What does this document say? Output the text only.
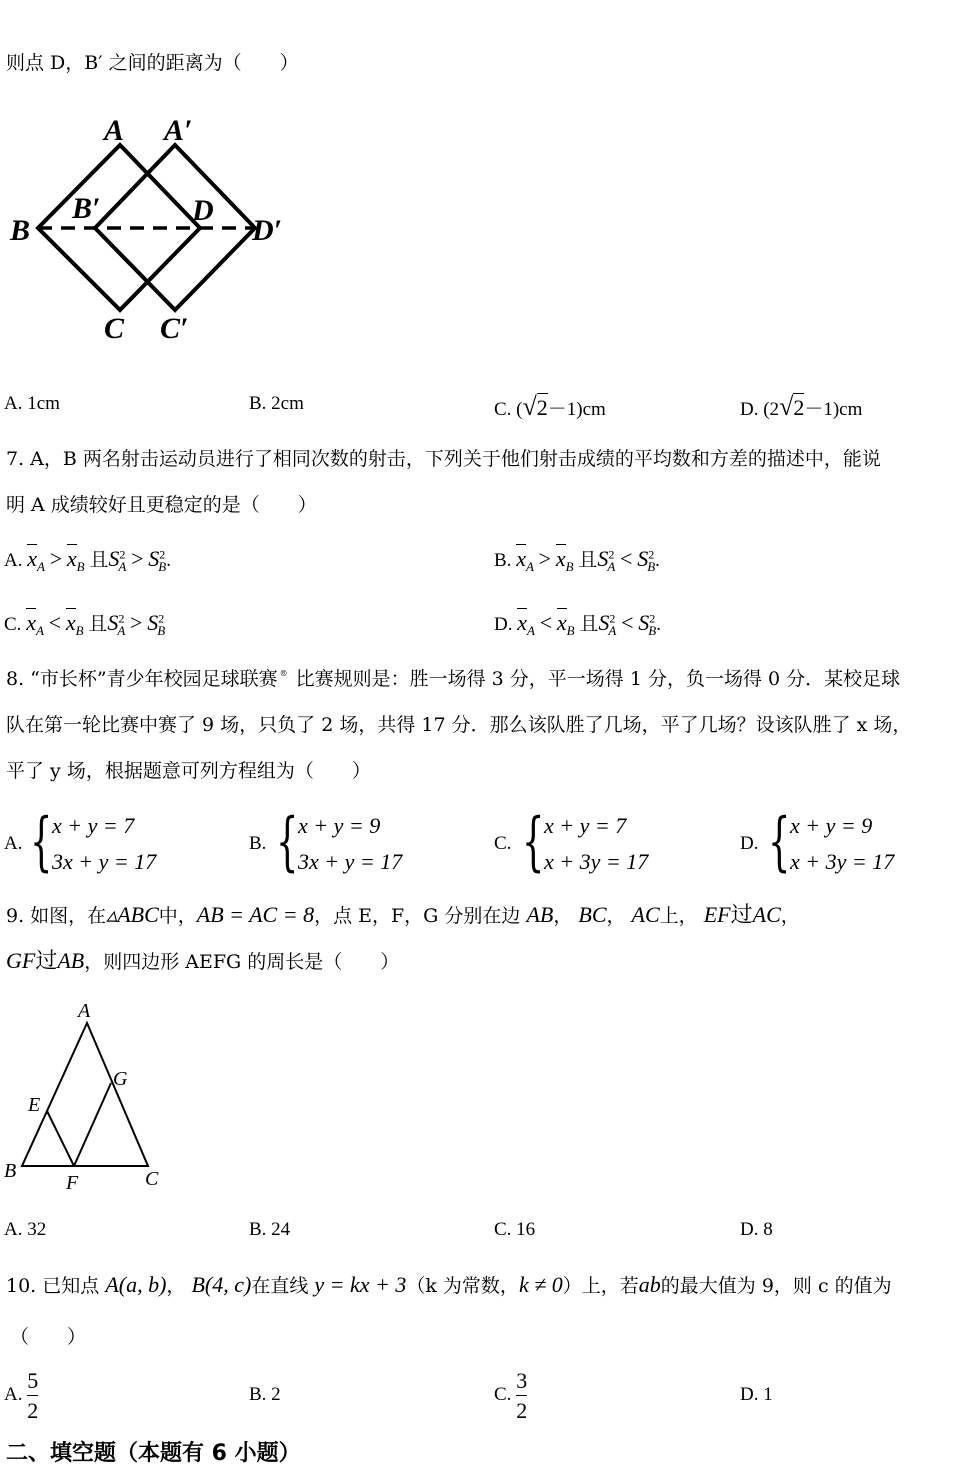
则点 D，B′ 之间的距离为（　　）
A A′
B
B′	D
D′
C C′
A. 1cm	B. 2cm	C. (√2－1)cm	D. (2√2－1)cm
7. A，B 两名射击运动员进行了相同次数的射击，下列关于他们射击成绩的平均数和方差的描述中，能说
明 A 成绩较好且更稳定的是（　　）
A. $x_A > x_B$ 且$S^2_A > S^2_B$.	B. $x_A > x_B$ 且$S^2_A < S^2_B$.
C. $x_A < x_B$ 且$S^2_A > S^2_B$	D. $x_A < x_B$ 且$S^2_A < S^2_B$.
8. “市长杯”青少年校园足球联赛 ® 比赛规则是：胜一场得 3 分，平一场得 1 分，负一场得 0 分．某校足球
队在第一轮比赛中赛了 9 场，只负了 2 场，共得 17 分．那么该队胜了几场，平了几场？设该队胜了 x 场，
平了 y 场，根据题意可列方程组为（　　）
A. { x + y = 7
3x + y = 17
B. { x + y = 9
3x + y = 17
C. { x + y = 7
x + 3y = 17
D. { x + y = 9
x + 3y = 17
9. 如图，在▵ABC中，AB = AC = 8，点 E，F，G 分别在边 AB， BC， AC上， EF过AC，
GF过AB，则四边形 AEFG 的周长是（　　）
A
B	C
E
F
G
A. 32	B. 24	C. 16	D. 8
10. 已知点 A(a, b)， B(4, c)在直线 y = kx + 3（k 为常数，k ≠ 0）上，若ab的最大值为 9，则 c 的值为
（　　）
A. $\frac{5}{2}$	B. 2	C. $\frac{3}{2}$	D. 1
二、填空题（本题有 6 小题）
